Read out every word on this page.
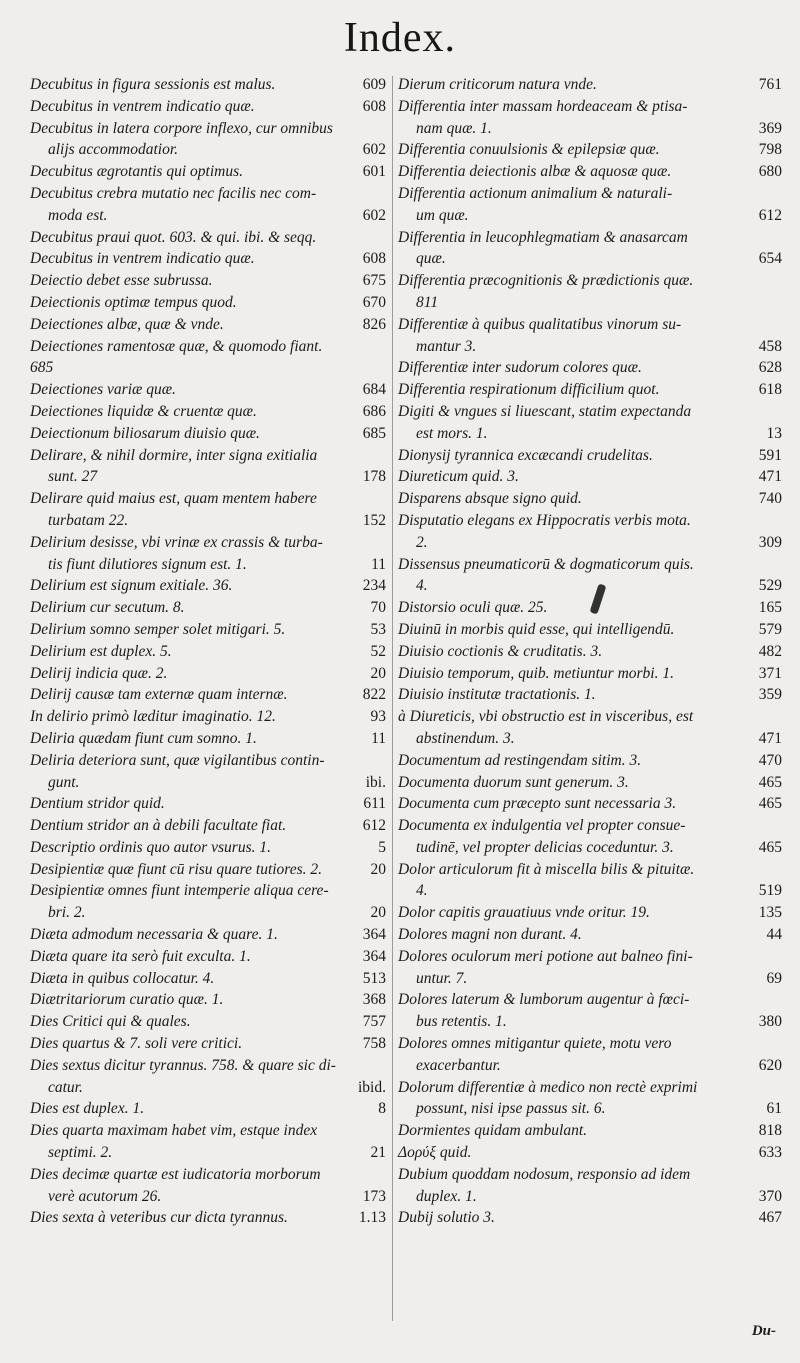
Index.
Decubitus in figura sessionis est malus.	609
Decubitus in ventrem indicatio quæ.	608
Decubitus in latera corpore inflexo, cur omnibus
alijs accommodatior.	602
Decubitus ægrotantis qui optimus.	601
Decubitus crebra mutatio nec facilis nec com-
moda est.	602
Decubitus praui quot. 603. & qui. ibi. & seqq.
Decubitus in ventrem indicatio quæ.	608
Deiectio debet esse subrussa.	675
Deiectionis optimæ tempus quod.	670
Deiectiones albæ, quæ & vnde.	826
Deiectiones ramentosæ quæ, & quomodo fiant.
685
Deiectiones variæ quæ.	684
Deiectiones liquidæ & cruentæ quæ.	686
Deiectionum biliosarum diuisio quæ.	685
Delirare, & nihil dormire, inter signa exitialia
sunt. 27	178
Delirare quid maius est, quam mentem habere
turbatam 22.	152
Delirium desisse, vbi vrinæ ex crassis & turba-
tis fiunt dilutiores signum est. 1.	11
Delirium est signum exitiale. 36.	234
Delirium cur secutum. 8.	70
Delirium somno semper solet mitigari. 5.	53
Delirium est duplex. 5.	52
Delirij indicia quæ. 2.	20
Delirij causæ tam externæ quam internæ.	822
In delirio primò læditur imaginatio. 12.	93
Deliria quædam fiunt cum somno. 1.	11
Deliria deteriora sunt, quæ vigilantibus contin-
gunt.	ibi.
Dentium stridor quid.	611
Dentium stridor an à debili facultate fiat.	612
Descriptio ordinis quo autor vsurus. 1.	5
Desipientiæ quæ fiunt cū risu quare tutiores. 2.	20
Desipientiæ omnes fiunt intemperie aliqua cere-
bri. 2.	20
Diæta admodum necessaria & quare. 1.	364
Diæta quare ita serò fuit exculta. 1.	364
Diæta in quibus collocatur. 4.	513
Diætritariorum curatio quæ. 1.	368
Dies Critici qui & quales.	757
Dies quartus & 7. soli vere critici.	758
Dies sextus dicitur tyrannus. 758. & quare sic di-
catur.	ibid.
Dies est duplex. 1.	8
Dies quarta maximam habet vim, estque index
septimi. 2.	21
Dies decimæ quartæ est iudicatoria morborum
verè acutorum 26.	173
Dies sexta à veteribus cur dicta tyrannus.	1.13
Dierum criticorum natura vnde.	761
Differentia inter massam hordeaceam & ptisa-
nam quæ. 1.	369
Differentia conuulsionis & epilepsiæ quæ.	798
Differentia deiectionis albæ & aquosæ quæ.	680
Differentia actionum animalium & naturali-
um quæ.	612
Differentia in leucophlegmatiam & anasarcam
quæ.	654
Differentia præcognitionis & prædictionis quæ.
811
Differentiæ à quibus qualitatibus vinorum su-
mantur 3.	458
Differentiæ inter sudorum colores quæ.	628
Differentia respirationum difficilium quot.	618
Digiti & vngues si liuescant, statim expectanda
est mors. 1.	13
Dionysij tyrannica excæcandi crudelitas.	591
Diureticum quid. 3.	471
Disparens absque signo quid.	740
Disputatio elegans ex Hippocratis verbis mota.
2.	309
Dissensus pneumaticorū & dogmaticorum quis.
4.	529
Distorsio oculi quæ. 25.	165
Diuinū in morbis quid esse, qui intelligendū.	579
Diuisio coctionis & cruditatis. 3.	482
Diuisio temporum, quib. metiuntur morbi. 1.	371
Diuisio institutæ tractationis. 1.	359
à Diureticis, vbi obstructio est in visceribus, est
abstinendum. 3.	471
Documentum ad restingendam sitim. 3.	470
Documenta duorum sunt generum. 3.	465
Documenta cum præcepto sunt necessaria 3.	465
Documenta ex indulgentia vel propter consue-
tudinē, vel propter delicias coceduntur. 3.	465
Dolor articulorum fit à miscella bilis & pituitæ.
4.	519
Dolor capitis grauatiuus vnde oritur. 19.	135
Dolores magni non durant. 4.	44
Dolores oculorum meri potione aut balneo fini-
untur. 7.	69
Dolores laterum & lumborum augentur à fœci-
bus retentis. 1.	380
Dolores omnes mitigantur quiete, motu vero
exacerbantur.	620
Dolorum differentiæ à medico non rectè exprimi
possunt, nisi ipse passus sit. 6.	61
Dormientes quidam ambulant.	818
Δορύξ quid.	633
Dubium quoddam nodosum, responsio ad idem
duplex. 1.	370
Dubij solutio 3.	467
Du-
